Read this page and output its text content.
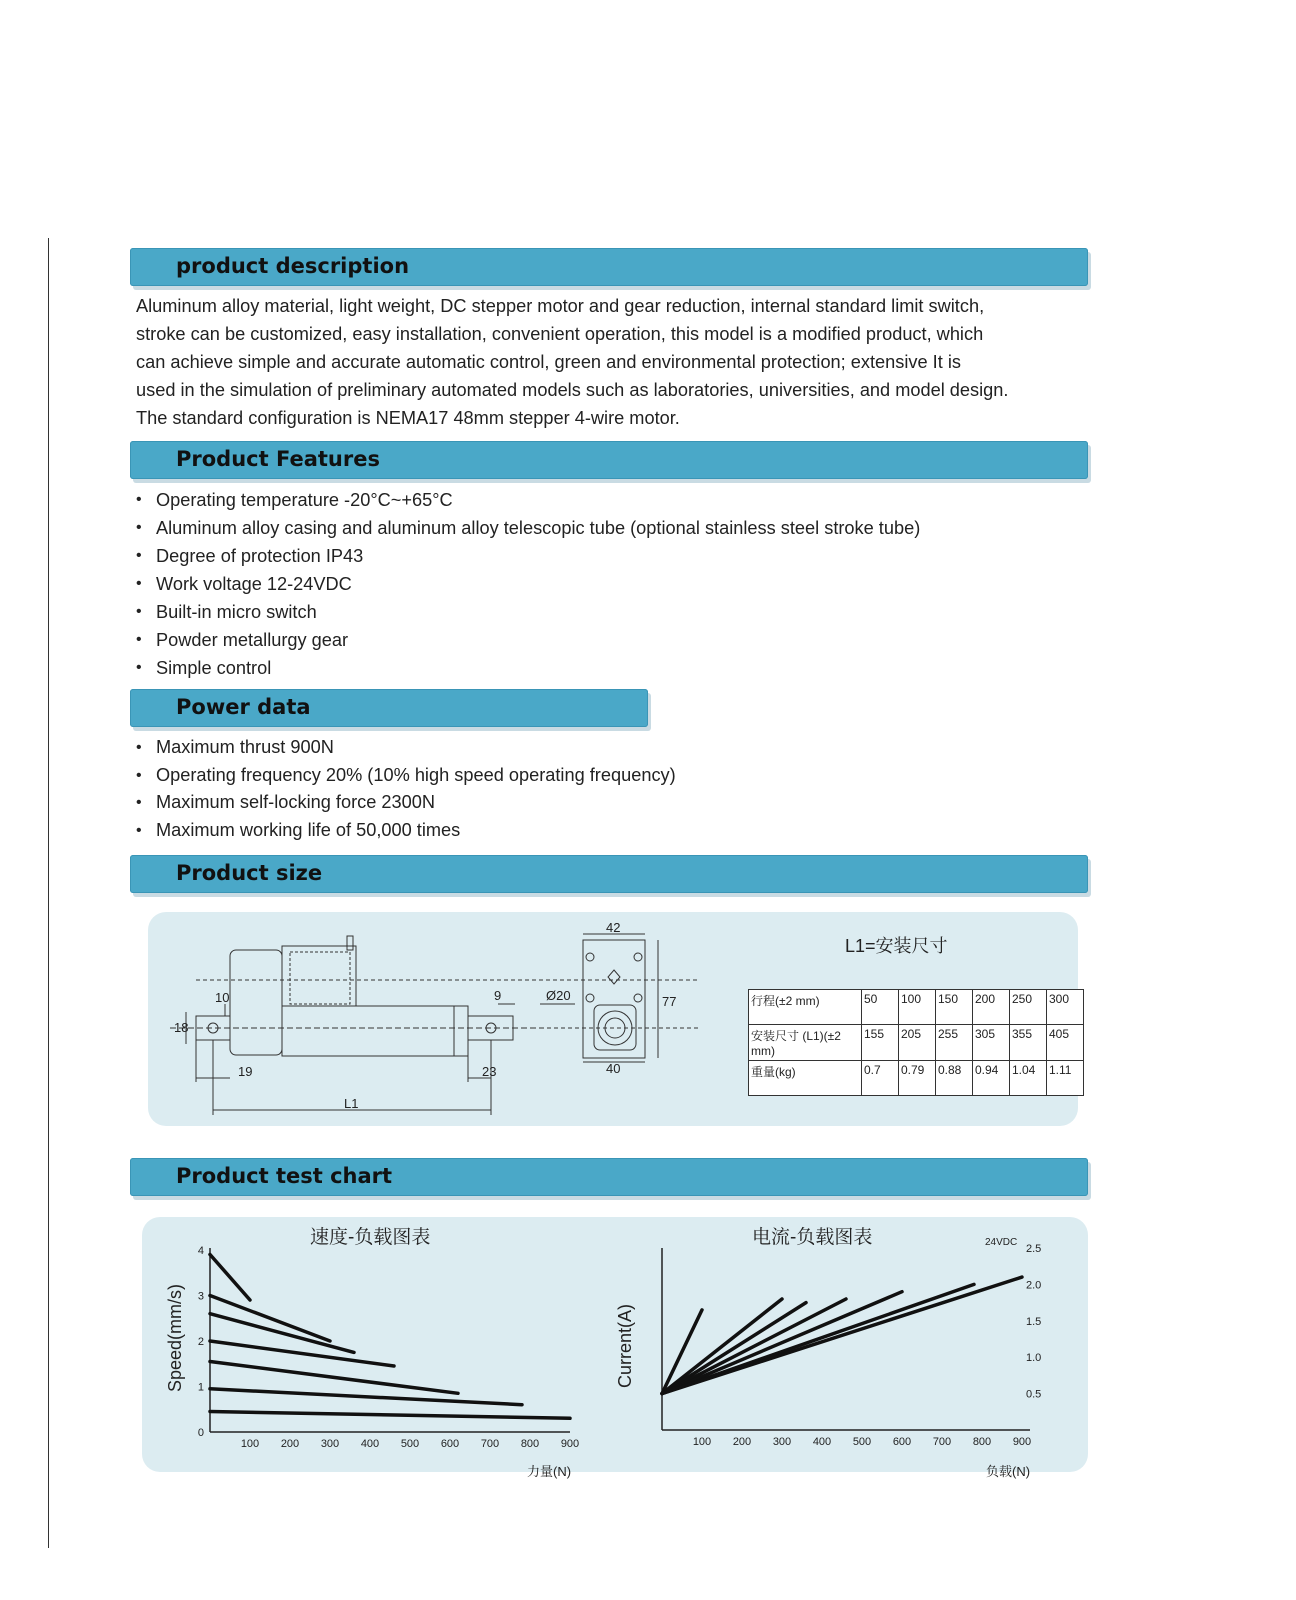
product description

Aluminum alloy material, light weight, DC stepper motor and gear reduction, internal standard limit switch,

stroke can be customized, easy installation, convenient operation, this model is a modified product, which

can achieve simple and accurate automatic control, green and environmental protection; extensive It is

used in the simulation of preliminary automated models such as laboratories, universities, and model design.

The standard configuration is NEMA17 48mm stepper 4-wire motor.

Product Features
• Operating temperature -20°C~+65°C
• Aluminum alloy casing and aluminum alloy telescopic tube (optional stainless steel stroke tube)
• Degree of protection IP43
• Work voltage 12-24VDC
• Built-in micro switch
• Powder metallurgy gear
• Simple control
Power data
• Maximum thrust 900N
• Operating frequency 20% (10% high speed operating frequency)
• Maximum self-locking force 2300N
• Maximum working life of 50,000 times
Product size
42
10	9	Ø20	77
18
19	23	40
L1
L1=安装尺寸
行程(±2 mm)	50	100	150	200	250	300
安装尺寸 (L1)(±2 mm)	155	205	255	305	355	405
重量(kg)	0.7	0.79	0.88	0.94	1.04	1.11
Product test chart
速度-负载图表
Speed(mm/s)
力量(N)
0
1
2
3
4
100 200 300 400 500 600 700 800 900
电流-负载图表
Current(A)
负载(N)
24VDC
0.5
1.0
1.5
2.0
2.5
100 200 300 400 500 600 700 800 900
